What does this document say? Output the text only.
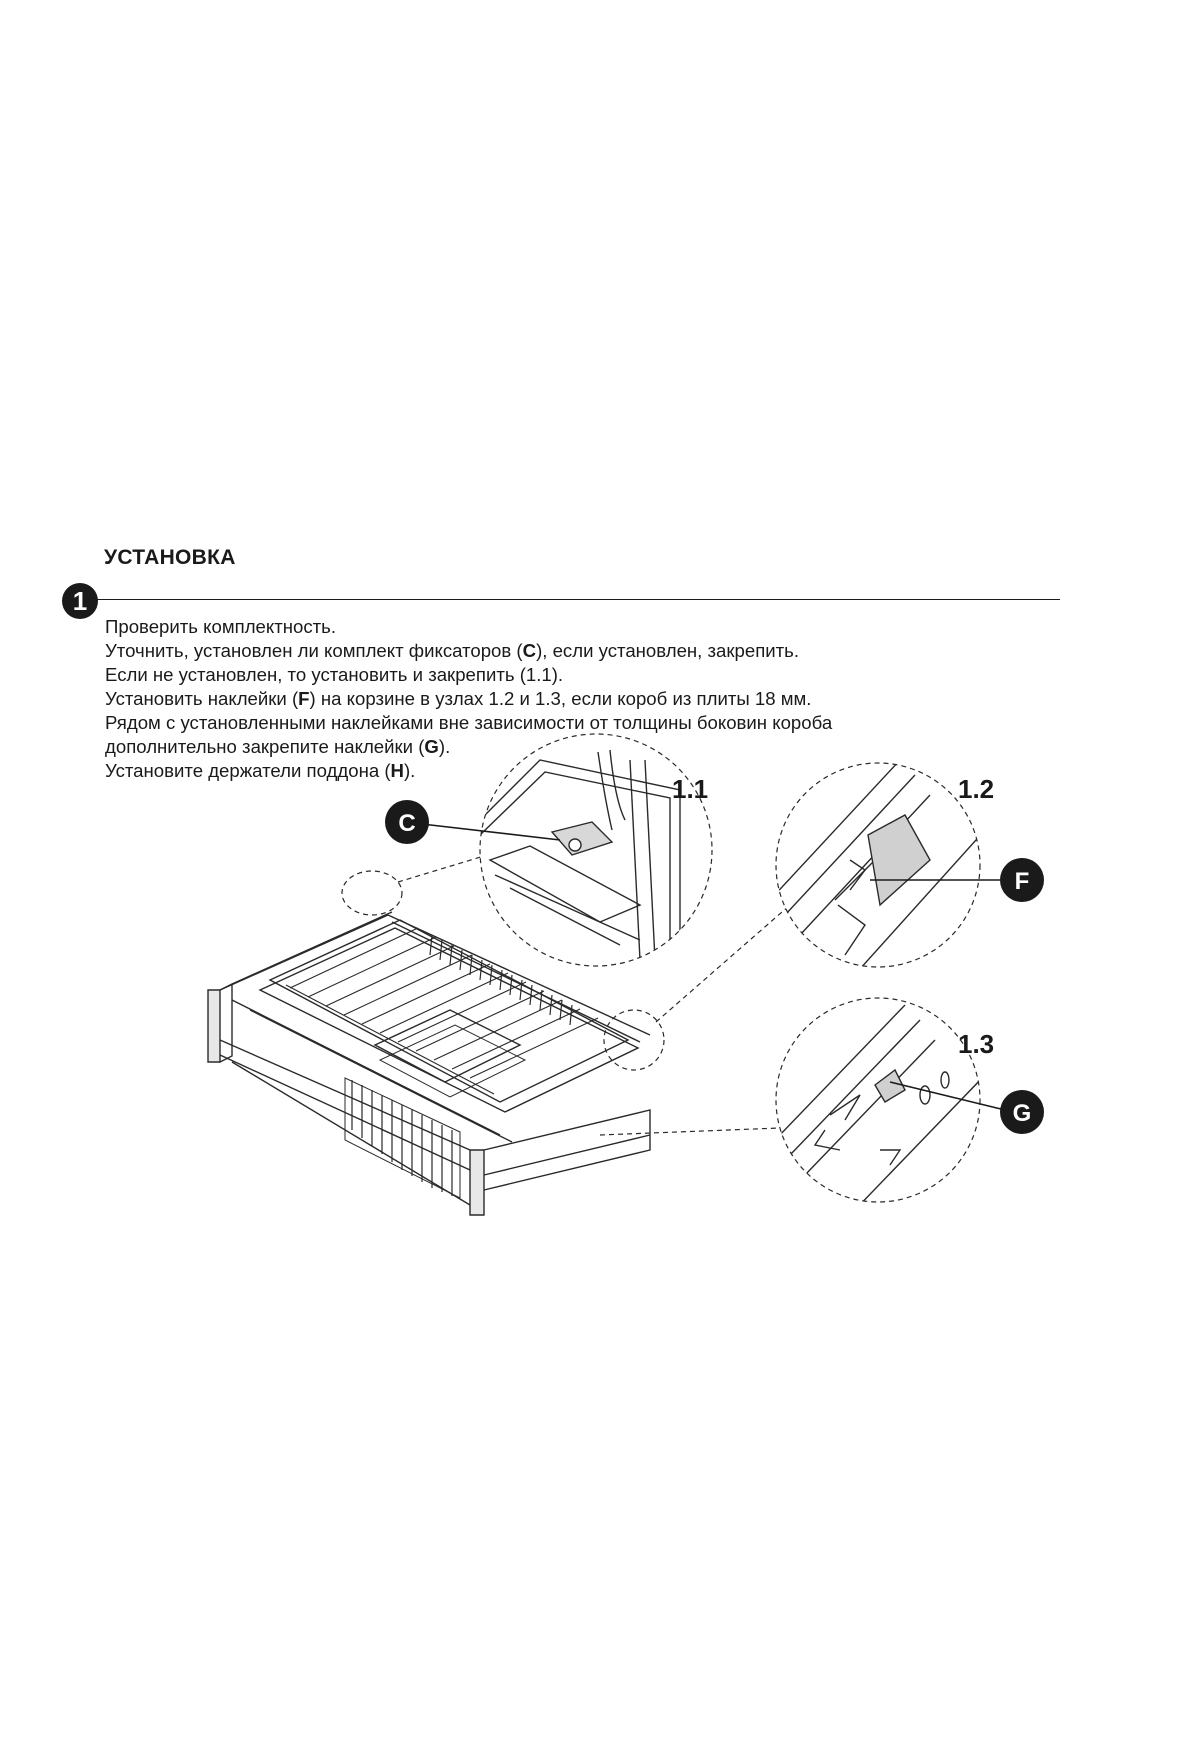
УСТАНОВКА
1
Проверить комплектность.
Уточнить, установлен ли комплект фиксаторов (C), если установлен, закрепить.
Если не установлен, то установить и закрепить (1.1).
Установить наклейки (F) на корзине в узлах 1.2 и 1.3, если короб из плиты 18 мм.
Рядом с установленными наклейками вне зависимости от толщины боковин короба
дополнительно закрепите наклейки (G).
Установите держатели поддона (H).
C
F
G
1.1	1.2
1.3
